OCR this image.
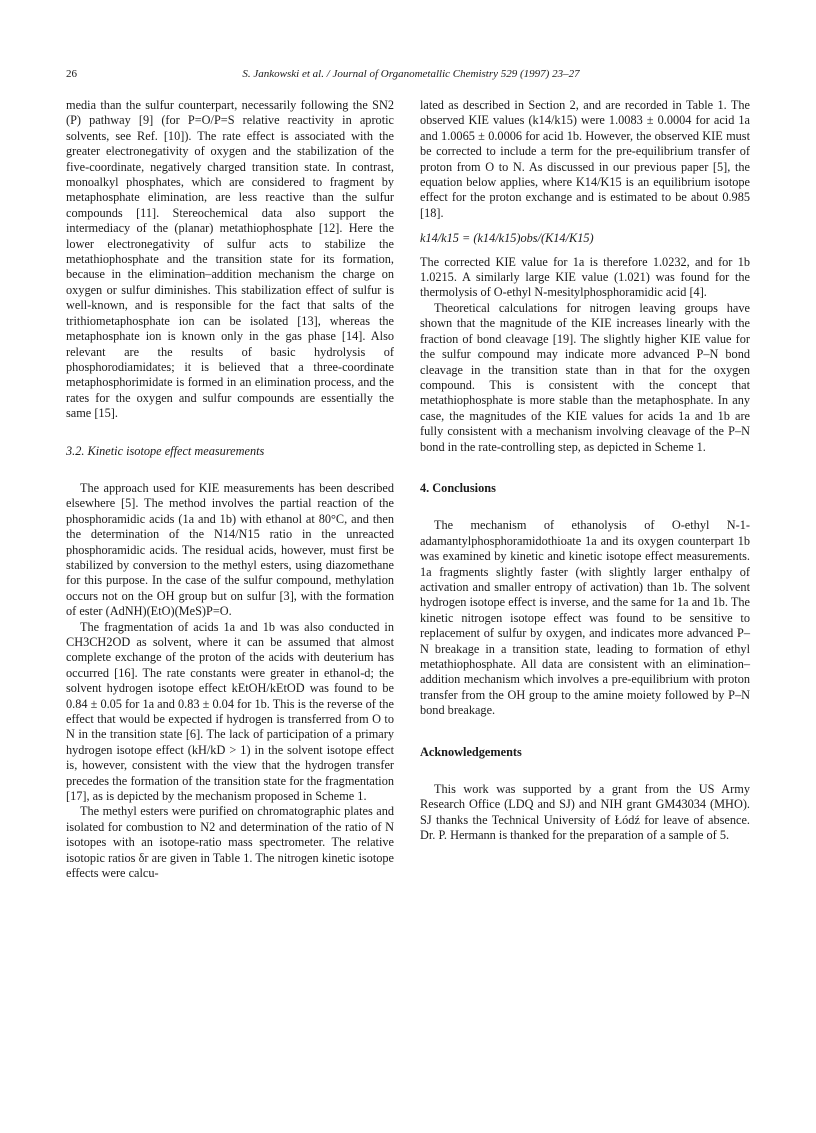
26	S. Jankowski et al. / Journal of Organometallic Chemistry 529 (1997) 23–27

media than the sulfur counterpart, necessarily following the SN2 (P) pathway [9] (for P=O/P=S relative reactivity in aprotic solvents, see Ref. [10]). The rate effect is associated with the greater electronegativity of oxygen and the stabilization of the five-coordinate, negatively charged transition state. In contrast, monoalkyl phosphates, which are considered to fragment by metaphosphate elimination, are less reactive than the sulfur compounds [11]. Stereochemical data also support the intermediacy of the (planar) metathiophosphate [12]. Here the lower electronegativity of sulfur acts to stabilize the metathiophosphate and the transition state for its formation, because in the elimination–addition mechanism the charge on oxygen or sulfur diminishes. This stabilization effect of sulfur is well-known, and is responsible for the fact that salts of the trithiometaphosphate ion can be isolated [13], whereas the metaphosphate ion is known only in the gas phase [14]. Also relevant are the results of basic hydrolysis of phosphorodiamidates; it is believed that a three-coordinate metaphosphorimidate is formed in an elimination process, and the rates for the oxygen and sulfur compounds are essentially the same [15].

3.2. Kinetic isotope effect measurements

The approach used for KIE measurements has been described elsewhere [5]. The method involves the partial reaction of the phosphoramidic acids (1a and 1b) with ethanol at 80°C, and then the determination of the N14/N15 ratio in the unreacted phosphoramidic acids. The residual acids, however, must first be stabilized by conversion to the methyl esters, using diazomethane for this purpose. In the case of the sulfur compound, methylation occurs not on the OH group but on sulfur [3], with the formation of ester (AdNH)(EtO)(MeS)P=O.

The fragmentation of acids 1a and 1b was also conducted in CH3CH2OD as solvent, where it can be assumed that almost complete exchange of the proton of the acids with deuterium has occurred [16]. The rate constants were greater in ethanol-d; the solvent hydrogen isotope effect kEtOH/kEtOD was found to be 0.84 ± 0.05 for 1a and 0.83 ± 0.04 for 1b. This is the reverse of the effect that would be expected if hydrogen is transferred from O to N in the transition state [6]. The lack of participation of a primary hydrogen isotope effect (kH/kD > 1) in the solvent isotope effect is, however, consistent with the view that the hydrogen transfer precedes the formation of the transition state for the fragmentation [17], as is depicted by the mechanism proposed in Scheme 1.

The methyl esters were purified on chromatographic plates and isolated for combustion to N2 and determination of the ratio of N isotopes with an isotope-ratio mass spectrometer. The relative isotopic ratios δr are given in Table 1. The nitrogen kinetic isotope effects were calcu-

lated as described in Section 2, and are recorded in Table 1. The observed KIE values (k14/k15) were 1.0083 ± 0.0004 for acid 1a and 1.0065 ± 0.0006 for acid 1b. However, the observed KIE must be corrected to include a term for the pre-equilibrium transfer of proton from O to N. As discussed in our previous paper [5], the equation below applies, where K14/K15 is an equilibrium isotope effect for the proton exchange and is estimated to be about 0.985 [18].

k14/k15 = (k14/k15)obs/(K14/K15)

The corrected KIE value for 1a is therefore 1.0232, and for 1b 1.0215. A similarly large KIE value (1.021) was found for the thermolysis of O-ethyl N-mesitylphosphoramidic acid [4].

Theoretical calculations for nitrogen leaving groups have shown that the magnitude of the KIE increases linearly with the fraction of bond cleavage [19]. The slightly higher KIE value for the sulfur compound may indicate more advanced P–N bond cleavage in the transition state than in that for the oxygen compound. This is consistent with the concept that metathiophosphate is more stable than the metaphosphate. In any case, the magnitudes of the KIE values for acids 1a and 1b are fully consistent with a mechanism involving cleavage of the P–N bond in the rate-controlling step, as depicted in Scheme 1.

4. Conclusions

The mechanism of ethanolysis of O-ethyl N-1-adamantylphosphoramidothioate 1a and its oxygen counterpart 1b was examined by kinetic and kinetic isotope effect measurements. 1a fragments slightly faster (with slightly larger enthalpy of activation and smaller entropy of activation) than 1b. The solvent hydrogen isotope effect is inverse, and the same for 1a and 1b. The kinetic nitrogen isotope effect was found to be sensitive to replacement of sulfur by oxygen, and indicates more advanced P–N breakage in a transition state, leading to formation of ethyl metathiophosphate. All data are consistent with an elimination–addition mechanism which involves a pre-equilibrium with proton transfer from the OH group to the amine moiety followed by P–N bond breakage.

Acknowledgements

This work was supported by a grant from the US Army Research Office (LDQ and SJ) and NIH grant GM43034 (MHO). SJ thanks the Technical University of Łódź for leave of absence. Dr. P. Hermann is thanked for the preparation of a sample of 5.
